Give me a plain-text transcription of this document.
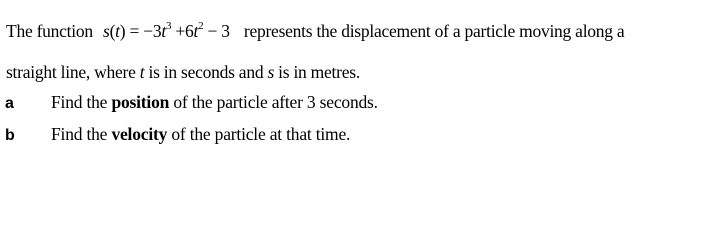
The function $s(t) = -3t^3 +6t^2 - 3$ represents the displacement of a particle moving along a
straight line, where t is in seconds and s is in metres.
a Find the position of the particle after 3 seconds.
b Find the velocity of the particle at that time.
